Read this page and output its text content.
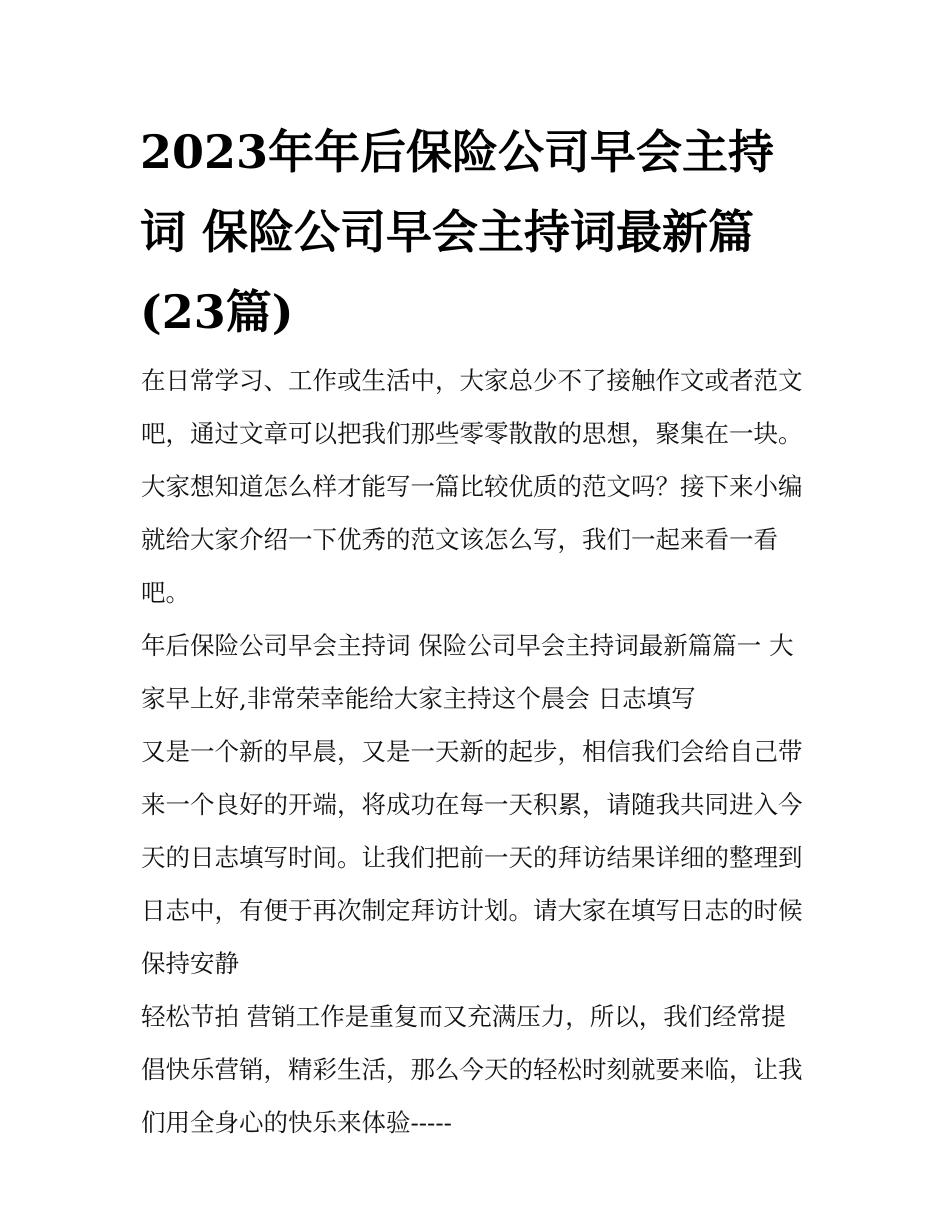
2023年年后保险公司早会主持
词 保险公司早会主持词最新篇
(23篇)
在日常学习、工作或生活中，大家总少不了接触作文或者范文
吧，通过文章可以把我们那些零零散散的思想，聚集在一块。
大家想知道怎么样才能写一篇比较优质的范文吗？接下来小编
就给大家介绍一下优秀的范文该怎么写，我们一起来看一看
吧。
年后保险公司早会主持词 保险公司早会主持词最新篇篇一 大
家早上好,非常荣幸能给大家主持这个晨会 日志填写
又是一个新的早晨，又是一天新的起步，相信我们会给自己带
来一个良好的开端，将成功在每一天积累，请随我共同进入今
天的日志填写时间。让我们把前一天的拜访结果详细的整理到
日志中，有便于再次制定拜访计划。请大家在填写日志的时候
保持安静
轻松节拍 营销工作是重复而又充满压力，所以，我们经常提
倡快乐营销，精彩生活，那么今天的轻松时刻就要来临，让我
们用全身心的快乐来体验-----
